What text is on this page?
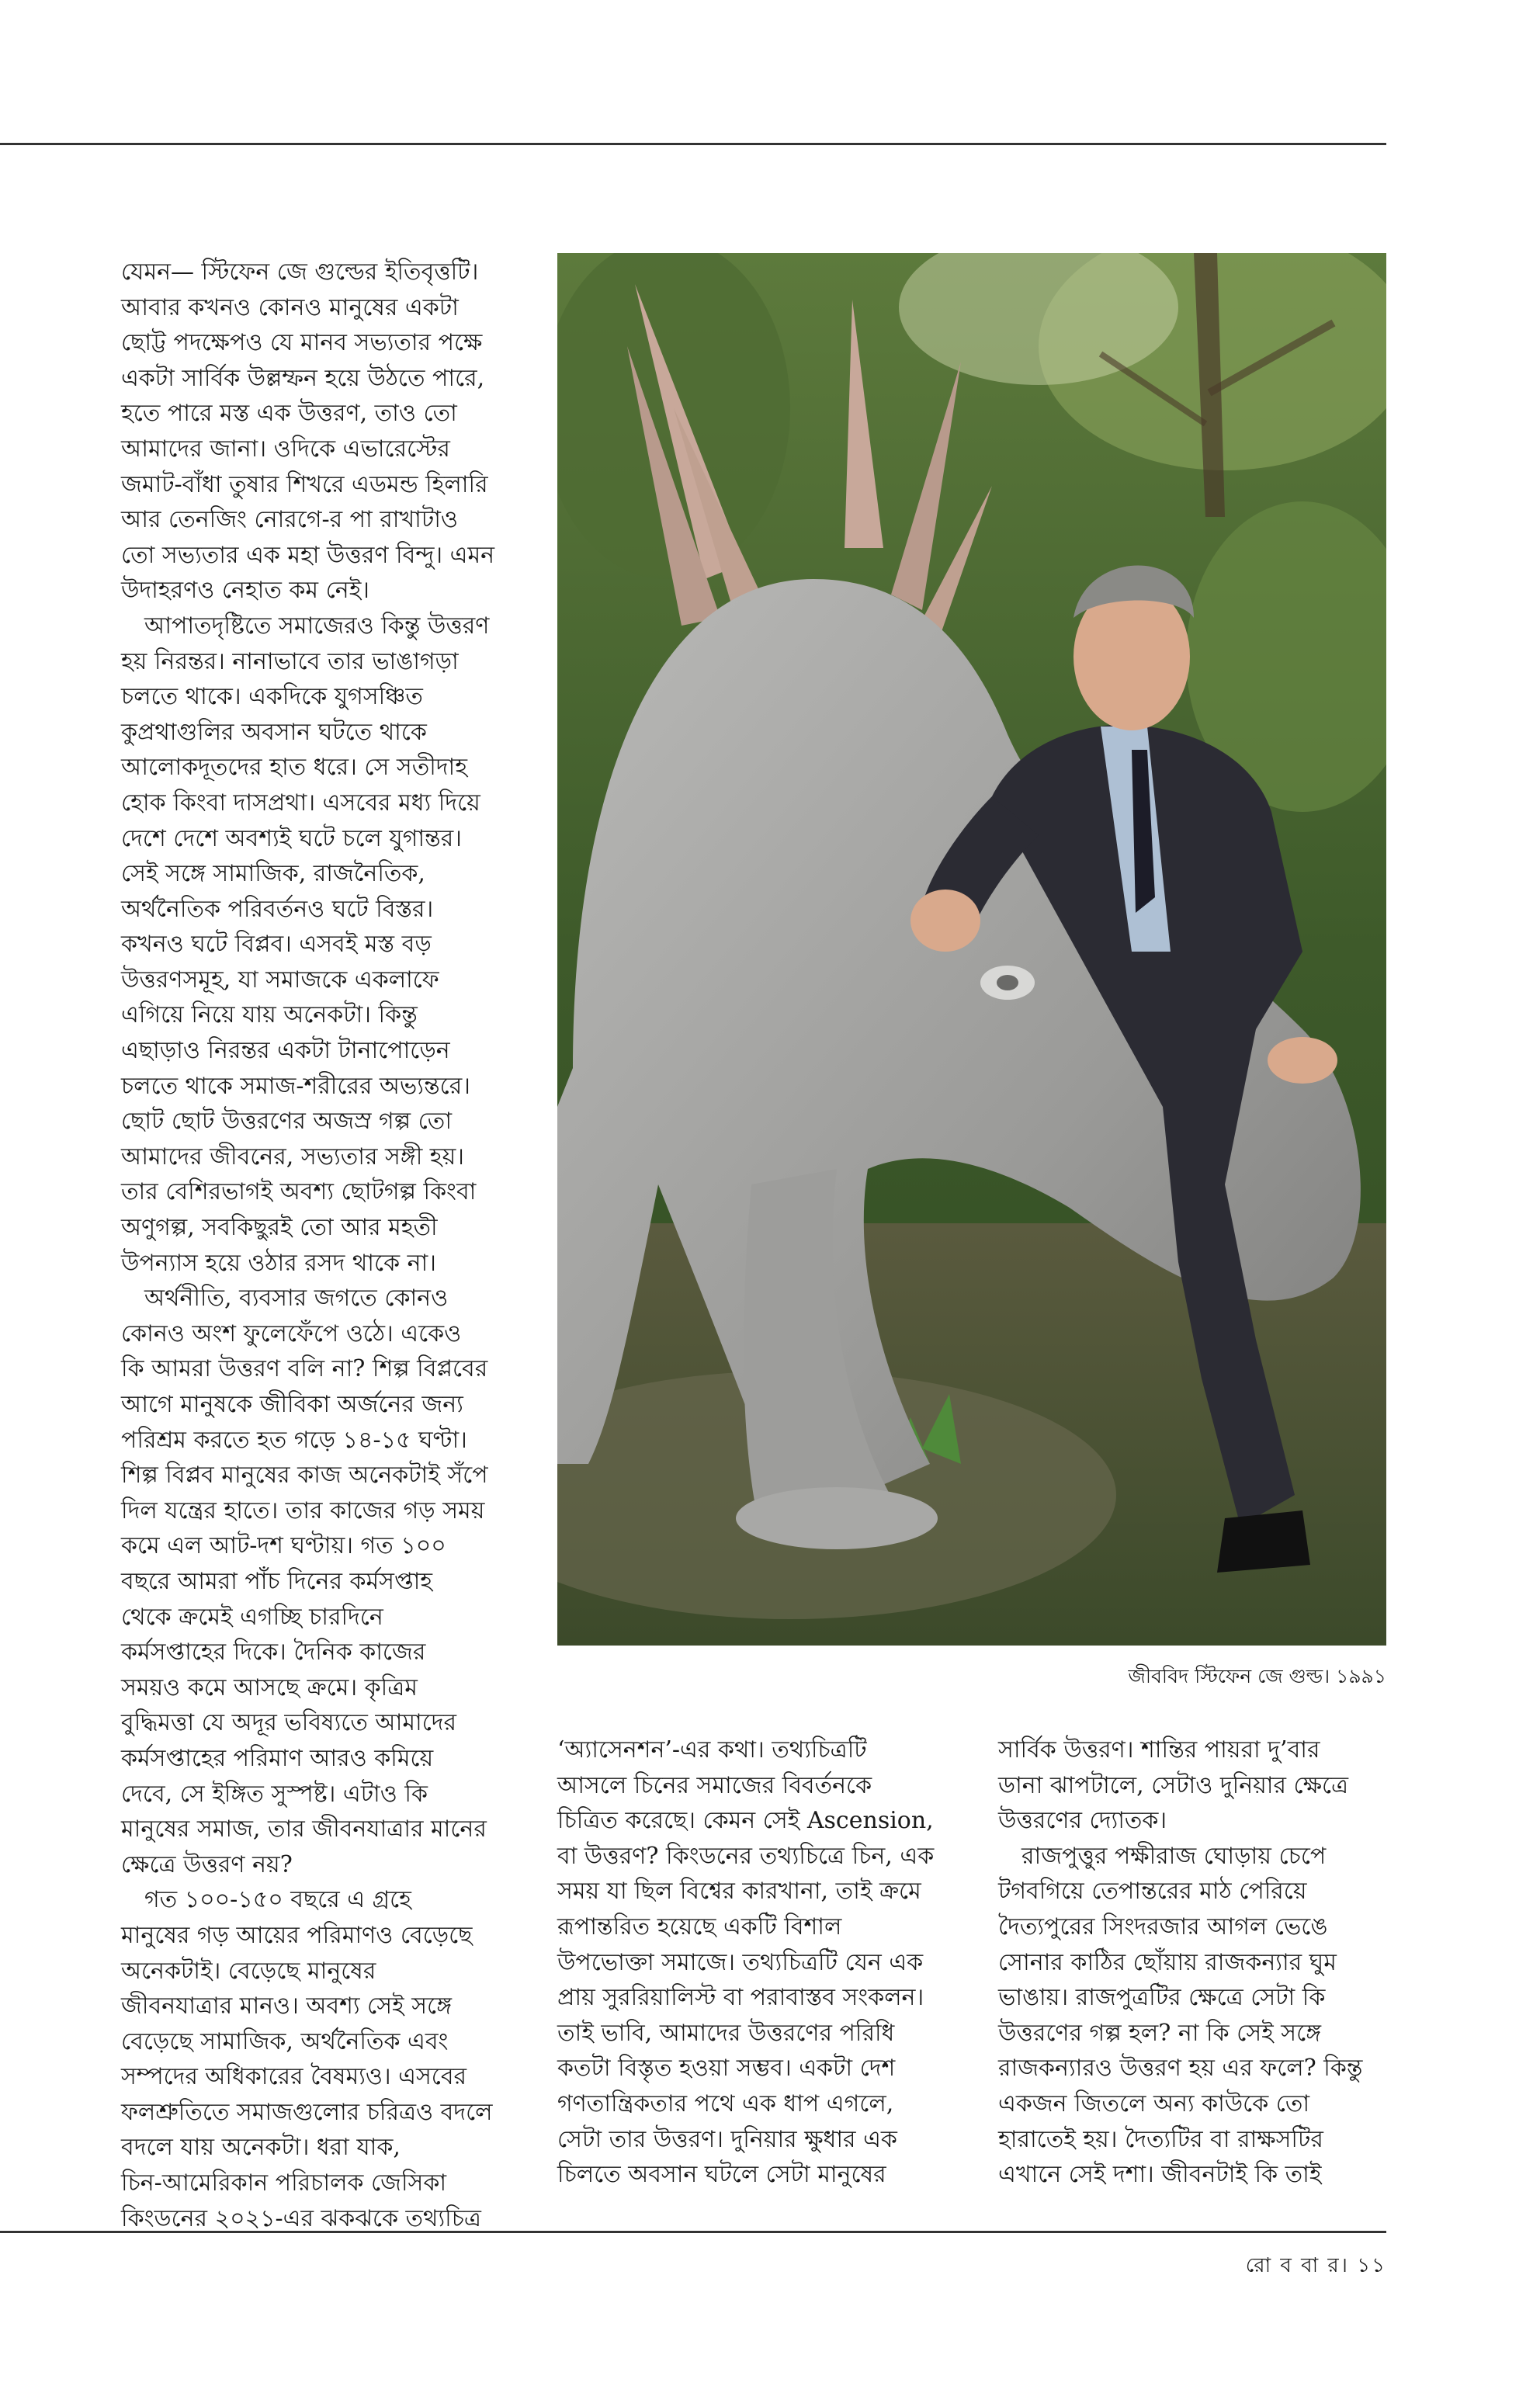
যেমন— স্টিফেন জে গুল্ডের ইতিবৃত্তটি।

আবার কখনও কোনও মানুষের একটা

ছোট্ট পদক্ষেপও যে মানব সভ্যতার পক্ষে

একটা সার্বিক উল্লম্ফন হয়ে উঠতে পারে,

হতে পারে মস্ত এক উত্তরণ, তাও তো

আমাদের জানা। ওদিকে এভারেস্টের

জমাট-বাঁধা তুষার শিখরে এডমন্ড হিলারি

আর তেনজিং নোরগে-র পা রাখাটাও

তো সভ্যতার এক মহা উত্তরণ বিন্দু। এমন

উদাহরণও নেহাত কম নেই।

আপাতদৃষ্টিতে সমাজেরও কিন্তু উত্তরণ

হয় নিরন্তর। নানাভাবে তার ভাঙাগড়া

চলতে থাকে। একদিকে যুগসঞ্চিত

কুপ্রথাগুলির অবসান ঘটতে থাকে

আলোকদূতদের হাত ধরে। সে সতীদাহ

হোক কিংবা দাসপ্রথা। এসবের মধ্য দিয়ে

দেশে দেশে অবশ্যই ঘটে চলে যুগান্তর।

সেই সঙ্গে সামাজিক, রাজনৈতিক,

অর্থনৈতিক পরিবর্তনও ঘটে বিস্তর।

কখনও ঘটে বিপ্লব। এসবই মস্ত বড়

উত্তরণসমূহ, যা সমাজকে একলাফে

এগিয়ে নিয়ে যায় অনেকটা। কিন্তু

এছাড়াও নিরন্তর একটা টানাপোড়েন

চলতে থাকে সমাজ-শরীরের অভ্যন্তরে।

ছোট ছোট উত্তরণের অজস্র গল্প তো

আমাদের জীবনের, সভ্যতার সঙ্গী হয়।

তার বেশিরভাগই অবশ্য ছোটগল্প কিংবা

অণুগল্প, সবকিছুরই তো আর মহতী

উপন্যাস হয়ে ওঠার রসদ থাকে না।

অর্থনীতি, ব্যবসার জগতে কোনও

কোনও অংশ ফুলেফেঁপে ওঠে। একেও

কি আমরা উত্তরণ বলি না? শিল্প বিপ্লবের

আগে মানুষকে জীবিকা অর্জনের জন্য

পরিশ্রম করতে হত গড়ে ১৪-১৫ ঘণ্টা।

শিল্প বিপ্লব মানুষের কাজ অনেকটাই সঁপে

দিল যন্ত্রের হাতে। তার কাজের গড় সময়

কমে এল আট-দশ ঘণ্টায়। গত ১০০

বছরে আমরা পাঁচ দিনের কর্মসপ্তাহ

থেকে ক্রমেই এগচ্ছি চারদিনে

কর্মসপ্তাহের দিকে। দৈনিক কাজের

সময়ও কমে আসছে ক্রমে। কৃত্রিম

বুদ্ধিমত্তা যে অদূর ভবিষ্যতে আমাদের

কর্মসপ্তাহের পরিমাণ আরও কমিয়ে

দেবে, সে ইঙ্গিত সুস্পষ্ট। এটাও কি

মানুষের সমাজ, তার জীবনযাত্রার মানের

ক্ষেত্রে উত্তরণ নয়?

গত ১০০-১৫০ বছরে এ গ্রহে

মানুষের গড় আয়ের পরিমাণও বেড়েছে

অনেকটাই। বেড়েছে মানুষের

জীবনযাত্রার মানও। অবশ্য সেই সঙ্গে

বেড়েছে সামাজিক, অর্থনৈতিক এবং

সম্পদের অধিকারের বৈষম্যও। এসবের

ফলশ্রুতিতে সমাজগুলোর চরিত্রও বদলে

বদলে যায় অনেকটা। ধরা যাক,

চিন-আমেরিকান পরিচালক জেসিকা

কিংডনের ২০২১-এর ঝকঝকে তথ্যচিত্র

জীববিদ স্টিফেন জে গুল্ড। ১৯৯১

‘অ্যাসেনশন’-এর কথা। তথ্যচিত্রটি

আসলে চিনের সমাজের বিবর্তনকে

চিত্রিত করেছে। কেমন সেই Ascension,

বা উত্তরণ? কিংডনের তথ্যচিত্রে চিন, এক

সময় যা ছিল বিশ্বের কারখানা, তাই ক্রমে

রূপান্তরিত হয়েছে একটি বিশাল

উপভোক্তা সমাজে। তথ্যচিত্রটি যেন এক

প্রায় সুররিয়ালিস্ট বা পরাবাস্তব সংকলন।

তাই ভাবি, আমাদের উত্তরণের পরিধি

কতটা বিস্তৃত হওয়া সম্ভব। একটা দেশ

গণতান্ত্রিকতার পথে এক ধাপ এগলে,

সেটা তার উত্তরণ। দুনিয়ার ক্ষুধার এক

চিলতে অবসান ঘটলে সেটা মানুষের

সার্বিক উত্তরণ। শান্তির পায়রা দু’বার

ডানা ঝাপটালে, সেটাও দুনিয়ার ক্ষেত্রে

উত্তরণের দ্যোতক।

রাজপুত্তুর পক্ষীরাজ ঘোড়ায় চেপে

টগবগিয়ে তেপান্তরের মাঠ পেরিয়ে

দৈত্যপুরের সিংদরজার আগল ভেঙে

সোনার কাঠির ছোঁয়ায় রাজকন্যার ঘুম

ভাঙায়। রাজপুত্রটির ক্ষেত্রে সেটা কি

উত্তরণের গল্প হল? না কি সেই সঙ্গে

রাজকন্যারও উত্তরণ হয় এর ফলে? কিন্তু

একজন জিতলে অন্য কাউকে তো

হারাতেই হয়। দৈত্যটির বা রাক্ষসটির

এখানে সেই দশা। জীবনটাই কি তাই

রো ব বা র। ১১
